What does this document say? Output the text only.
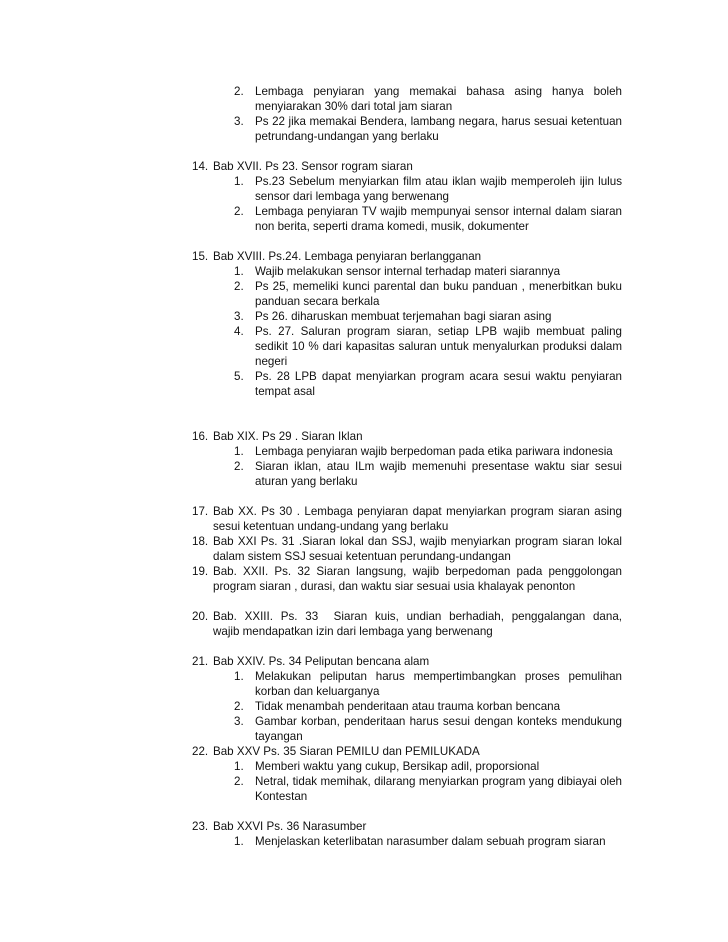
2. Lembaga penyiaran yang memakai bahasa asing hanya boleh menyiarakan 30% dari total jam siaran
3. Ps 22 jika memakai Bendera, lambang negara, harus sesuai ketentuan petrundang-undangan yang berlaku
14. Bab XVII. Ps 23. Sensor rogram siaran
1. Ps.23 Sebelum menyiarkan film atau iklan wajib memperoleh ijin lulus sensor dari lembaga yang berwenang
2. Lembaga penyiaran TV wajib mempunyai sensor internal dalam siaran non berita, seperti drama komedi, musik, dokumenter
15. Bab XVIII. Ps.24. Lembaga penyiaran berlangganan
1. Wajib melakukan sensor internal terhadap materi siarannya
2. Ps 25, memeliki kunci parental dan buku panduan , menerbitkan buku panduan secara berkala
3. Ps 26. diharuskan membuat terjemahan bagi siaran asing
4. Ps. 27. Saluran program siaran, setiap LPB wajib membuat paling sedikit 10 % dari kapasitas saluran untuk menyalurkan produksi dalam negeri
5. Ps. 28 LPB dapat menyiarkan program acara sesui waktu penyiaran tempat asal
16. Bab XIX. Ps 29 . Siaran Iklan
1. Lembaga penyiaran wajib berpedoman pada etika pariwara indonesia
2. Siaran iklan, atau ILm wajib memenuhi presentase waktu siar sesui aturan yang berlaku
17. Bab XX. Ps 30 . Lembaga penyiaran dapat menyiarkan program siaran asing sesui ketentuan undang-undang yang berlaku
18. Bab XXI Ps. 31 .Siaran lokal dan SSJ, wajib menyiarkan program siaran lokal dalam sistem SSJ sesuai ketentuan perundang-undangan
19. Bab. XXII. Ps. 32 Siaran langsung, wajib berpedoman pada penggolongan program siaran , durasi, dan waktu siar sesuai usia khalayak penonton
20. Bab.  XXIII.  Ps.  33    Siaran  kuis,  undian  berhadiah,  penggalangan  dana,  wajib mendapatkan izin dari lembaga yang berwenang
21. Bab XXIV. Ps. 34 Peliputan bencana alam
1. Melakukan peliputan harus mempertimbangkan proses pemulihan korban dan keluarganya
2. Tidak menambah penderitaan atau trauma korban bencana
3. Gambar korban, penderitaan harus sesui dengan konteks mendukung tayangan
22. Bab XXV Ps. 35 Siaran PEMILU dan PEMILUKADA
1. Memberi waktu yang cukup, Bersikap adil, proporsional
2. Netral, tidak memihak, dilarang menyiarkan program yang dibiayai oleh Kontestan
23. Bab XXVI Ps. 36 Narasumber
1. Menjelaskan keterlibatan narasumber dalam sebuah program siaran
